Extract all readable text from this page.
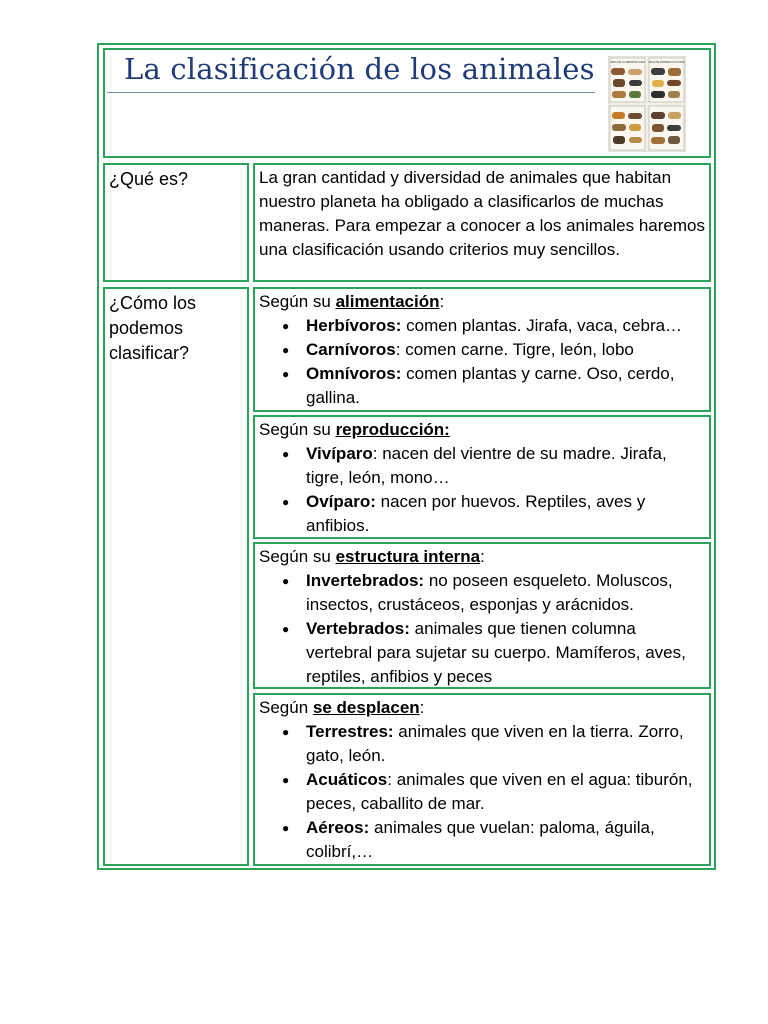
La clasificación de los animales	SEGÚN ALIMENTACIÓN SEGÚN REPRODUCCIÓN

¿Qué es?	La gran cantidad y diversidad de animales que habitan nuestro planeta ha obligado a clasificarlos de muchas maneras. Para empezar a conocer a los animales haremos una clasificación usando criterios muy sencillos.

¿Cómo los podemos clasificar?

Según su alimentación:

● Herbívoros: comen plantas. Jirafa, vaca, cebra…
● Carnívoros: comen carne. Tigre, león, lobo
● Omnívoros: comen plantas y carne. Oso, cerdo, gallina.

Según su reproducción:

● Vivíparo: nacen del vientre de su madre. Jirafa, tigre, león, mono…
● Ovíparo: nacen por huevos. Reptiles, aves y anfibios.

Según su estructura interna:

● Invertebrados: no poseen esqueleto. Moluscos, insectos, crustáceos, esponjas y arácnidos.
● Vertebrados: animales que tienen columna vertebral para sujetar su cuerpo. Mamíferos, aves, reptiles, anfibios y peces

Según se desplacen:

● Terrestres: animales que viven en la tierra. Zorro, gato, león.
● Acuáticos: animales que viven en el agua: tiburón, peces, caballito de mar.
● Aéreos: animales que vuelan: paloma, águila, colibrí,…
